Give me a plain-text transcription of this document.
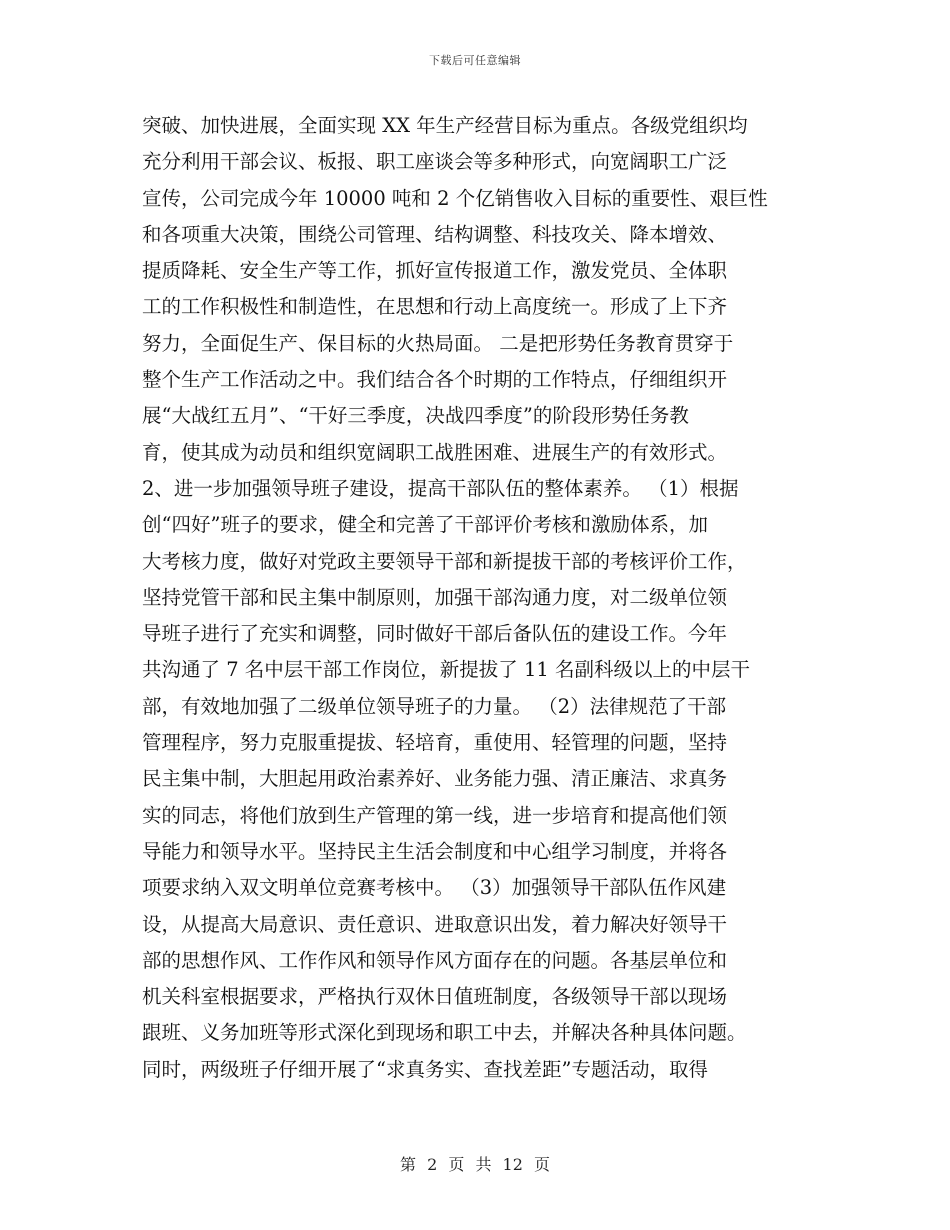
下载后可任意编辑
突破、加快进展，全面实现 XX 年生产经营目标为重点。各级党组织均
充分利用干部会议、板报、职工座谈会等多种形式，向宽阔职工广泛
宣传，公司完成今年 10000 吨和 2 个亿销售收入目标的重要性、艰巨性
和各项重大决策，围绕公司管理、结构调整、科技攻关、降本增效、
提质降耗、安全生产等工作，抓好宣传报道工作，激发党员、全体职
工的工作积极性和制造性，在思想和行动上高度统一。形成了上下齐
努力，全面促生产、保目标的火热局面。 二是把形势任务教育贯穿于
整个生产工作活动之中。我们结合各个时期的工作特点，仔细组织开
展“大战红五月”、“干好三季度，决战四季度”的阶段形势任务教
育，使其成为动员和组织宽阔职工战胜困难、进展生产的有效形式。
2、进一步加强领导班子建设，提高干部队伍的整体素养。 （1）根据
创“四好”班子的要求，健全和完善了干部评价考核和激励体系，加
大考核力度，做好对党政主要领导干部和新提拔干部的考核评价工作，
坚持党管干部和民主集中制原则，加强干部沟通力度，对二级单位领
导班子进行了充实和调整，同时做好干部后备队伍的建设工作。今年
共沟通了 7 名中层干部工作岗位，新提拔了 11 名副科级以上的中层干
部，有效地加强了二级单位领导班子的力量。 （2）法律规范了干部
管理程序，努力克服重提拔、轻培育，重使用、轻管理的问题，坚持
民主集中制，大胆起用政治素养好、业务能力强、清正廉洁、求真务
实的同志，将他们放到生产管理的第一线，进一步培育和提高他们领
导能力和领导水平。坚持民主生活会制度和中心组学习制度，并将各
项要求纳入双文明单位竞赛考核中。 （3）加强领导干部队伍作风建
设，从提高大局意识、责任意识、进取意识出发，着力解决好领导干
部的思想作风、工作作风和领导作风方面存在的问题。各基层单位和
机关科室根据要求，严格执行双休日值班制度，各级领导干部以现场
跟班、义务加班等形式深化到现场和职工中去，并解决各种具体问题。
同时，两级班子仔细开展了“求真务实、查找差距”专题活动，取得
第 2 页 共 12 页
